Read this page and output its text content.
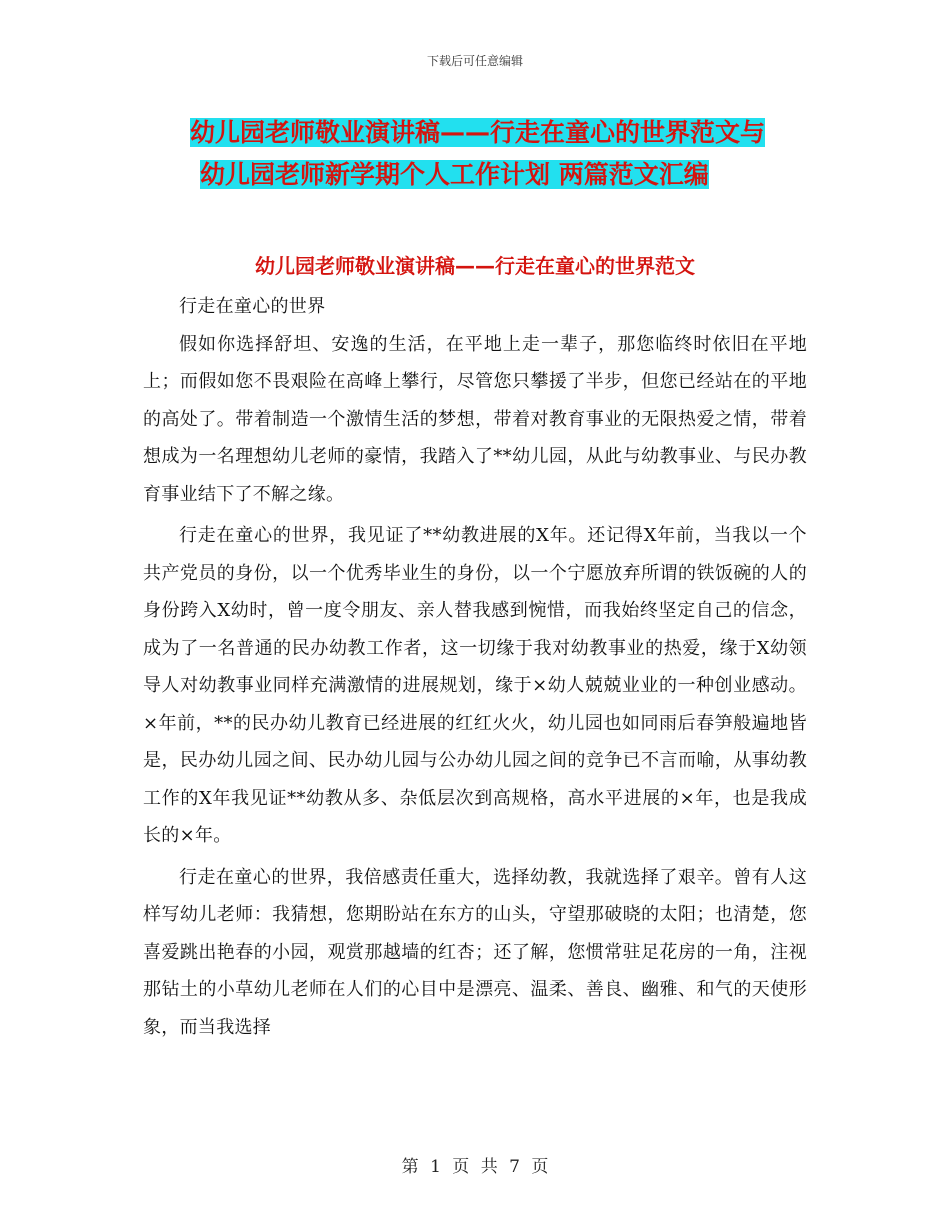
下载后可任意编辑
幼儿园老师敬业演讲稿——行走在童心的世界范文与
幼儿园老师新学期个人工作计划 两篇范文汇编
幼儿园老师敬业演讲稿——行走在童心的世界范文

行走在童心的世界

假如你选择舒坦、安逸的生活，在平地上走一辈子，那您临终时依旧在平地上；而假如您不畏艰险在高峰上攀行，尽管您只攀援了半步，但您已经站在的平地的高处了。带着制造一个激情生活的梦想，带着对教育事业的无限热爱之情，带着想成为一名理想幼儿老师的豪情，我踏入了**幼儿园，从此与幼教事业、与民办教育事业结下了不解之缘。

行走在童心的世界，我见证了**幼教进展的X年。还记得X年前，当我以一个共产党员的身份，以一个优秀毕业生的身份，以一个宁愿放弃所谓的铁饭碗的人的身份跨入X幼时，曾一度令朋友、亲人替我感到惋惜，而我始终坚定自己的信念，成为了一名普通的民办幼教工作者，这一切缘于我对幼教事业的热爱，缘于X幼领导人对幼教事业同样充满激情的进展规划，缘于×幼人兢兢业业的一种创业感动。×年前，**的民办幼儿教育已经进展的红红火火，幼儿园也如同雨后春笋般遍地皆是，民办幼儿园之间、民办幼儿园与公办幼儿园之间的竞争已不言而喻，从事幼教工作的X年我见证**幼教从多、杂低层次到高规格，高水平进展的×年，也是我成长的×年。

行走在童心的世界，我倍感责任重大，选择幼教，我就选择了艰辛。曾有人这样写幼儿老师：我猜想，您期盼站在东方的山头，守望那破晓的太阳；也清楚，您喜爱跳出艳春的小园，观赏那越墙的红杏；还了解，您惯常驻足花房的一角，注视那钻土的小草幼儿老师在人们的心目中是漂亮、温柔、善良、幽雅、和气的天使形象，而当我选择

第 1 页 共 7 页
